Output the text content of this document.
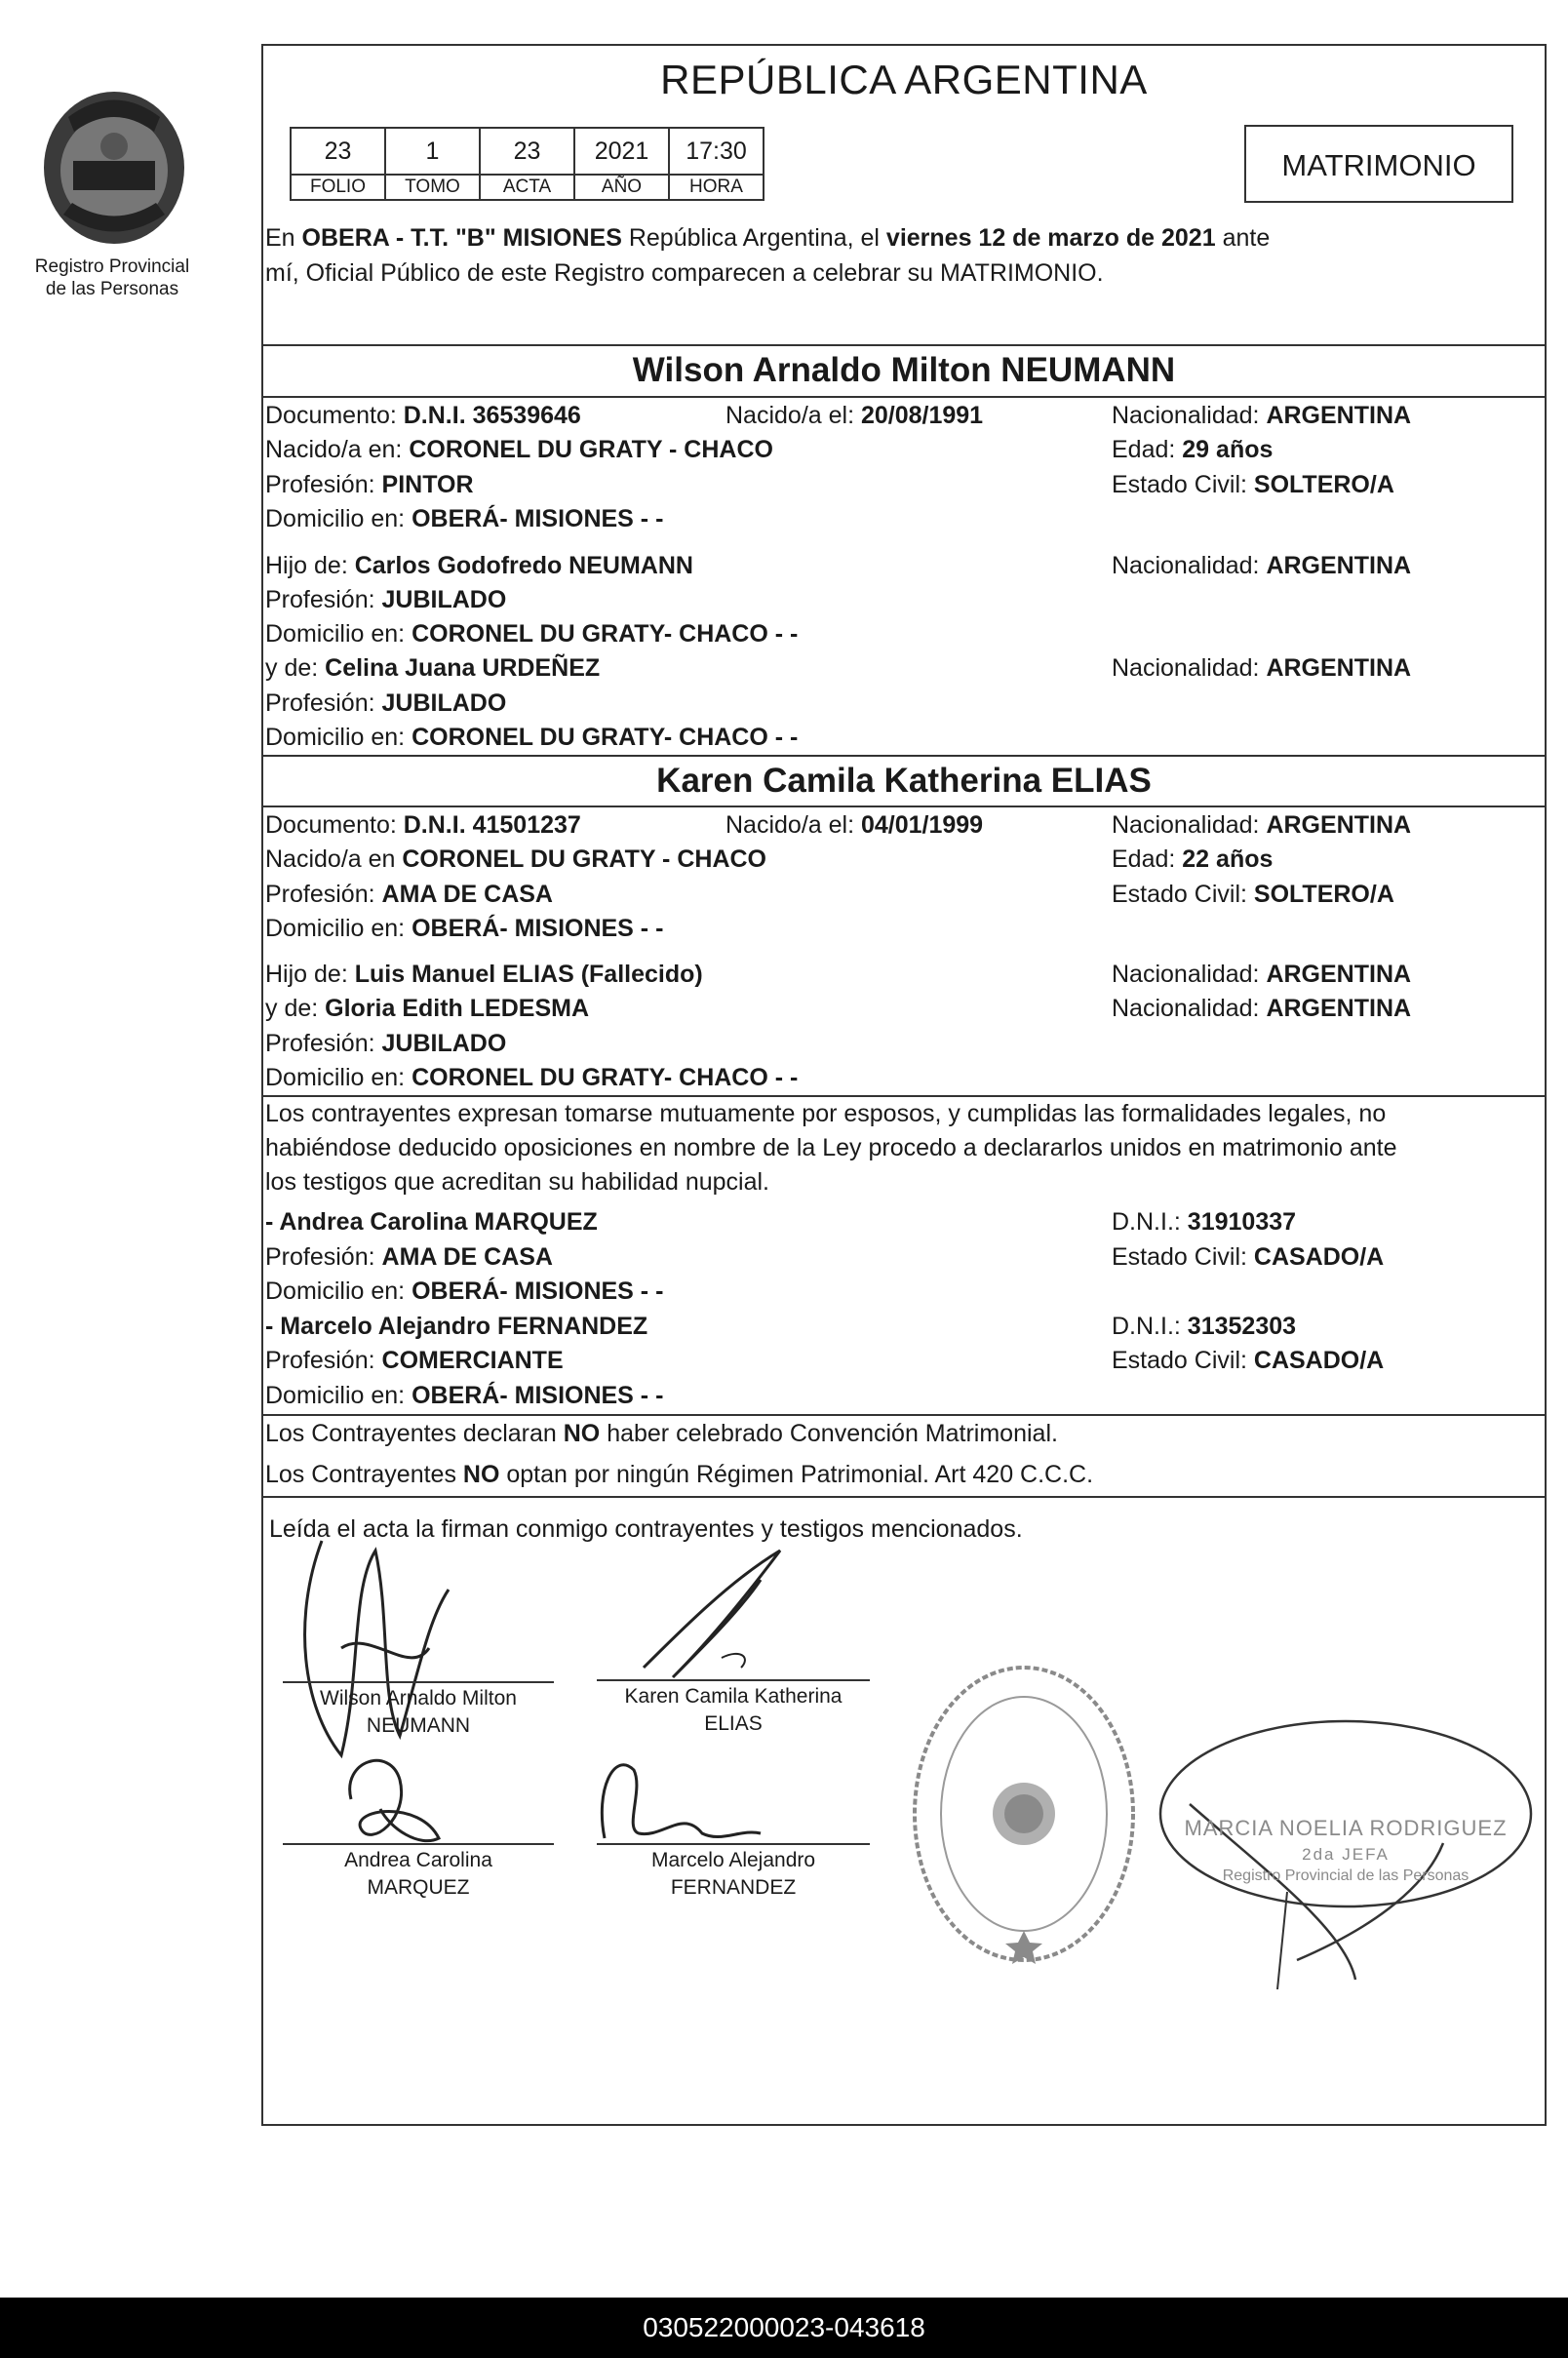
Registro Provincial
de las Personas
REPÚBLICA ARGENTINA
23	1	23	2021	17:30
FOLIO	TOMO	ACTA	AÑO	HORA
MATRIMONIO
En OBERA - T.T. "B" MISIONES República Argentina, el viernes 12 de marzo de 2021 ante
mí, Oficial Público de este Registro comparecen a celebrar su MATRIMONIO.
Wilson Arnaldo Milton NEUMANN
Documento: D.N.I. 36539646	Nacido/a el: 20/08/1991	Nacionalidad: ARGENTINA
Nacido/a en: CORONEL DU GRATY - CHACO	Edad: 29 años
Profesión: PINTOR	Estado Civil: SOLTERO/A
Domicilio en: OBERÁ- MISIONES - -
Hijo de: Carlos Godofredo NEUMANN	Nacionalidad: ARGENTINA
Profesión: JUBILADO
Domicilio en: CORONEL DU GRATY- CHACO - -
y de: Celina Juana URDEÑEZ	Nacionalidad: ARGENTINA
Profesión: JUBILADO
Domicilio en: CORONEL DU GRATY- CHACO - -
Karen Camila Katherina ELIAS
Documento: D.N.I. 41501237	Nacido/a el: 04/01/1999	Nacionalidad: ARGENTINA
Nacido/a en CORONEL DU GRATY - CHACO	Edad: 22 años
Profesión: AMA DE CASA	Estado Civil: SOLTERO/A
Domicilio en: OBERÁ- MISIONES - -
Hijo de: Luis Manuel ELIAS (Fallecido)	Nacionalidad: ARGENTINA
y de: Gloria Edith LEDESMA	Nacionalidad: ARGENTINA
Profesión: JUBILADO
Domicilio en: CORONEL DU GRATY- CHACO - -
Los contrayentes expresan tomarse mutuamente por esposos, y cumplidas las formalidades legales, no
habiéndose deducido oposiciones en nombre de la Ley procedo a declararlos unidos en matrimonio ante
los testigos que acreditan su habilidad nupcial.
- Andrea Carolina MARQUEZ	D.N.I.: 31910337
Profesión: AMA DE CASA	Estado Civil: CASADO/A
Domicilio en: OBERÁ- MISIONES - -
- Marcelo Alejandro FERNANDEZ	D.N.I.: 31352303
Profesión: COMERCIANTE	Estado Civil: CASADO/A
Domicilio en: OBERÁ- MISIONES - -
Los Contrayentes declaran NO haber celebrado Convención Matrimonial.
Los Contrayentes NO optan por ningún Régimen Patrimonial. Art 420 C.C.C.
Leída el acta la firman conmigo contrayentes y testigos mencionados.
Wilson Arnaldo Milton
NEUMANN
Karen Camila Katherina
ELIAS
Andrea Carolina
MARQUEZ
Marcelo Alejandro
FERNANDEZ
MARCIA NOELIA RODRIGUEZ
2da JEFA
Registro Provincial de las Personas
030522000023-043618
